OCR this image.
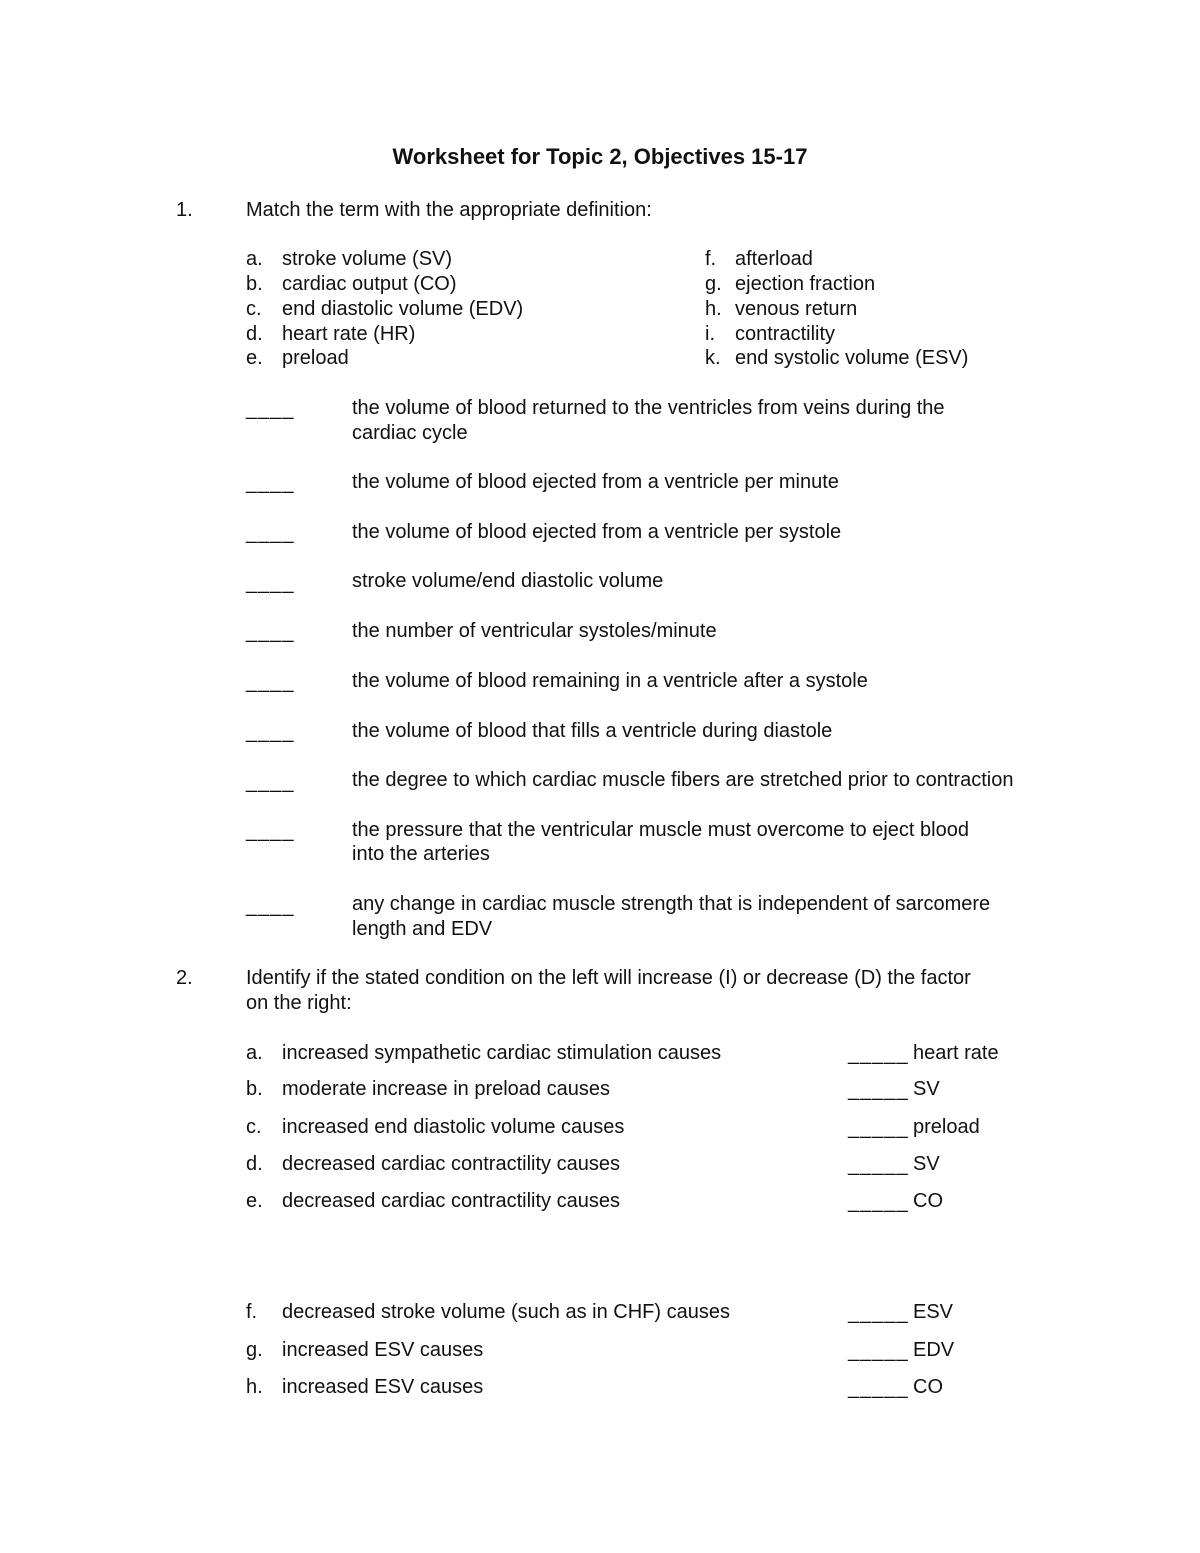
Worksheet for Topic 2, Objectives 15-17
1.	Match the term with the appropriate definition:
a. stroke volume (SV)
b. cardiac output (CO)
c. end diastolic volume (EDV)
d. heart rate (HR)
e. preload
f. afterload
g. ejection fraction
h. venous return
i. contractility
k. end systolic volume (ESV)
____	the volume of blood returned to the ventricles from veins during the
cardiac cycle
____	the volume of blood ejected from a ventricle per minute
____	the volume of blood ejected from a ventricle per systole
____	stroke volume/end diastolic volume
____	the number of ventricular systoles/minute
____	the volume of blood remaining in a ventricle after a systole
____	the volume of blood that fills a ventricle during diastole
____	the degree to which cardiac muscle fibers are stretched prior to contraction
____	the pressure that the ventricular muscle must overcome to eject blood
into the arteries
____	any change in cardiac muscle strength that is independent of sarcomere
length and EDV
2.	Identify if the stated condition on the left will increase (I) or decrease (D) the factor
on the right:
a. increased sympathetic cardiac stimulation causes	_____ heart rate
b. moderate increase in preload causes	_____ SV
c. increased end diastolic volume causes	_____ preload
d. decreased cardiac contractility causes	_____ SV
e. decreased cardiac contractility causes	_____ CO
f. decreased stroke volume (such as in CHF) causes	_____ ESV
g. increased ESV causes	_____ EDV
h. increased ESV causes	_____ CO
